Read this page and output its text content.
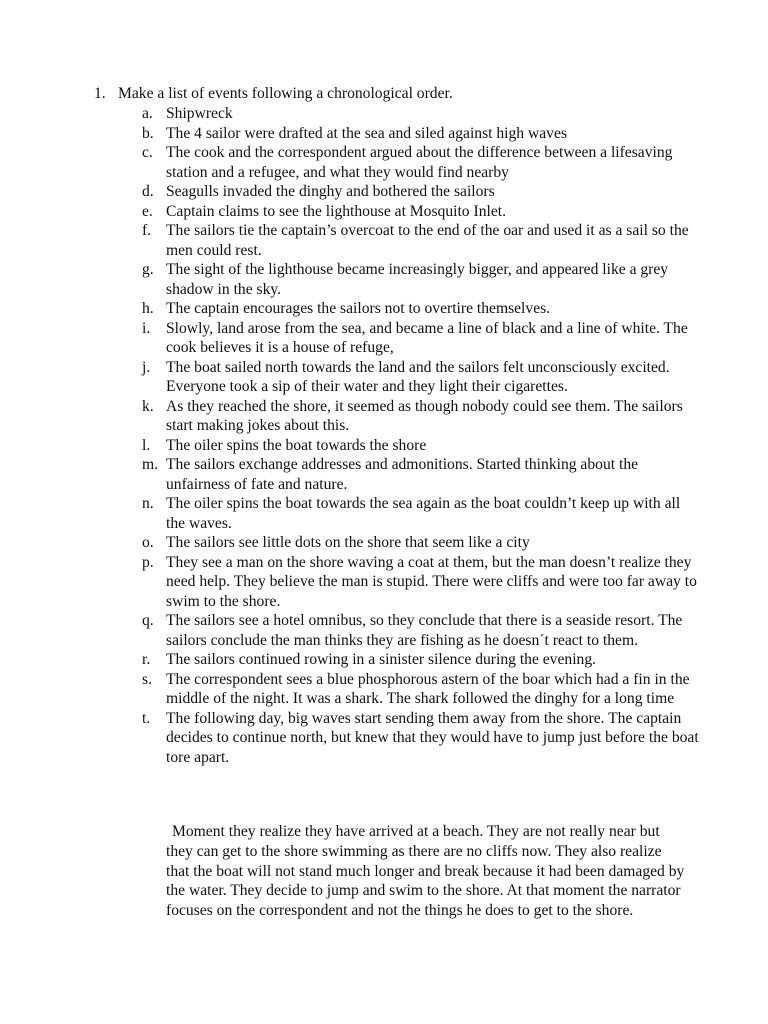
1. Make a list of events following a chronological order.
a. Shipwreck
b. The 4 sailor were drafted at the sea and siled against high waves
c. The cook and the correspondent argued about the difference between a lifesaving station and a refugee, and what they would find nearby
d. Seagulls invaded the dinghy and bothered the sailors
e. Captain claims to see the lighthouse at Mosquito Inlet.
f. The sailors tie the captain’s overcoat to the end of the oar and used it as a sail so the men could rest.
g. The sight of the lighthouse became increasingly bigger, and appeared like a grey shadow in the sky.
h. The captain encourages the sailors not to overtire themselves.
i.	Slowly, land arose from the sea, and became a line of black and a line of white. The cook believes it is a house of refuge,
j.	The boat sailed north towards the land and the sailors felt unconsciously excited. Everyone took a sip of their water and they light their cigarettes.
k. As they reached the shore, it seemed as though nobody could see them. The sailors start making jokes about this.
l.	The oiler spins the boat towards the shore
m. The sailors exchange addresses and admonitions. Started thinking about the unfairness of fate and nature.
n. The oiler spins the boat towards the sea again as the boat couldn’t keep up with all the waves.
o. The sailors see little dots on the shore that seem like a city
p. They see a man on the shore waving a coat at them, but the man doesn’t realize they need help. They believe the man is stupid. There were cliffs and were too far away to swim to the shore.
q. The sailors see a hotel omnibus, so they conclude that there is a seaside resort. The sailors conclude the man thinks they are fishing as he doesn´t react to them.
r.	The sailors continued rowing in a sinister silence during the evening.
s. The correspondent sees a blue phosphorous astern of the boar which had a fin in the middle of the night. It was a shark. The shark followed the dinghy for a long time
t.	The following day, big waves start sending them away from the shore. The captain decides to continue north, but knew that they would have to jump just before the boat tore apart.

Moment they realize they have arrived at a beach. They are not really near but they can get to the shore swimming as there are no cliffs now. They also realize that the boat will not stand much longer and break because it had been damaged by the water. They decide to jump and swim to the shore. At that moment the narrator focuses on the correspondent and not the things he does to get to the shore.
